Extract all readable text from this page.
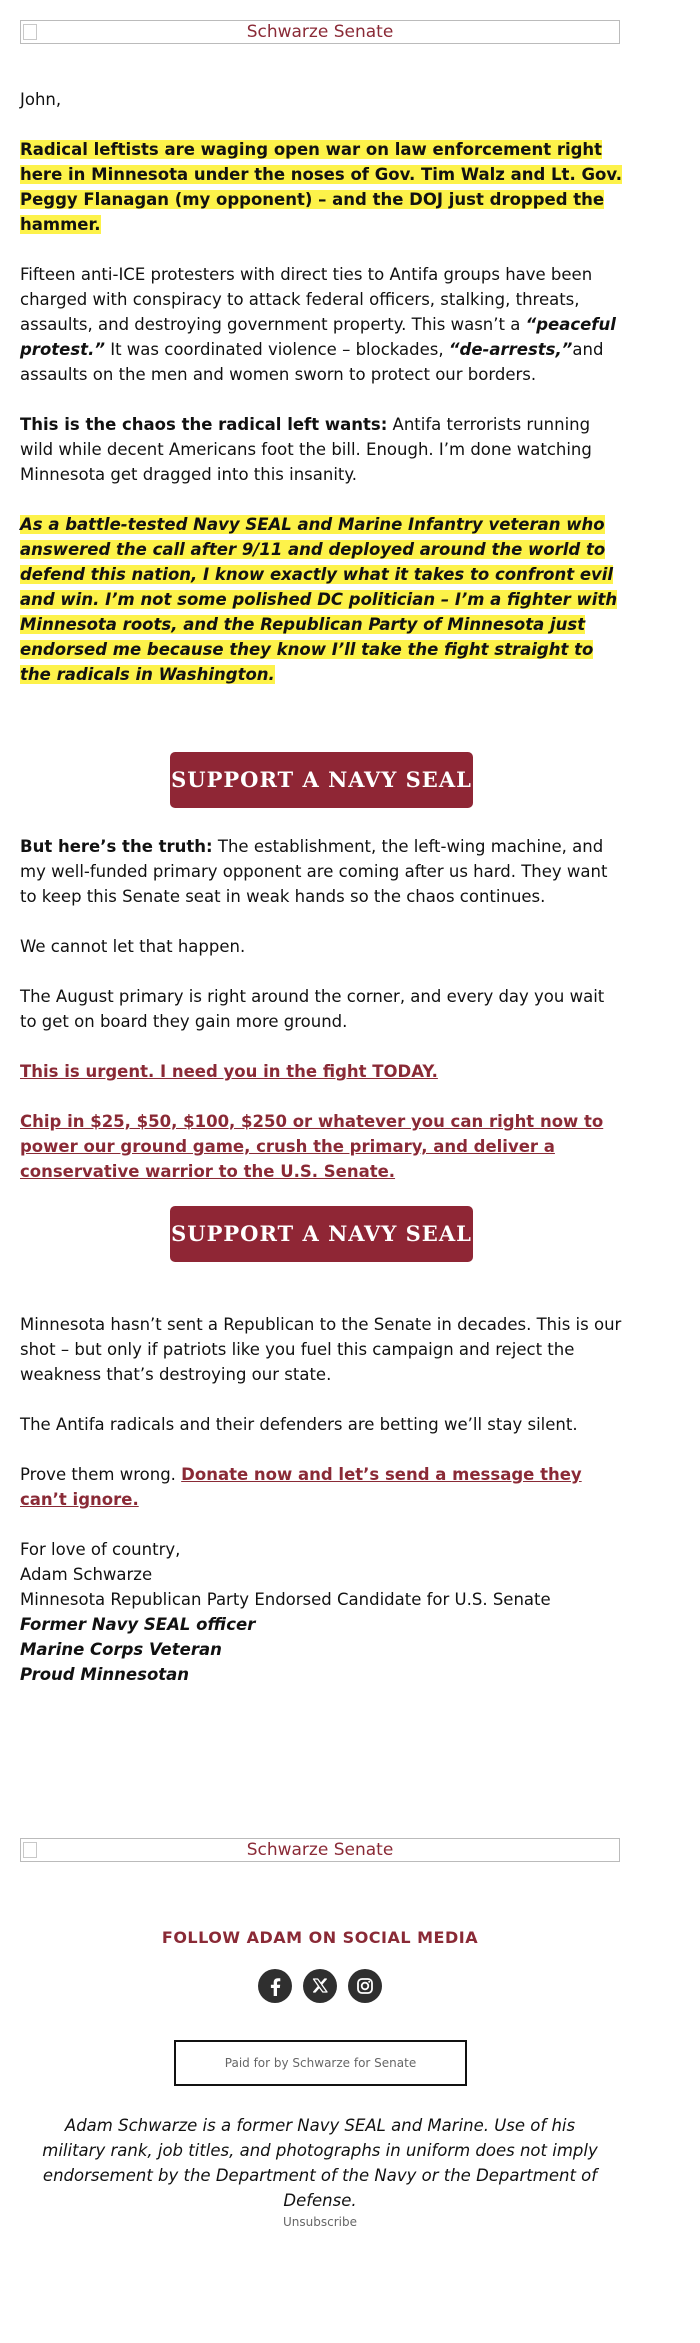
Schwarze Senate

John,

Radical leftists are waging open war on law enforcement right here in Minnesota under the noses of Gov. Tim Walz and Lt. Gov. Peggy Flanagan (my opponent) – and the DOJ just dropped the hammer.

Fifteen anti-ICE protesters with direct ties to Antifa groups have been charged with conspiracy to attack federal officers, stalking, threats, assaults, and destroying government property. This wasn’t a “peaceful protest.” It was coordinated violence – blockades, “de-arrests,”and assaults on the men and women sworn to protect our borders.

This is the chaos the radical left wants: Antifa terrorists running wild while decent Americans foot the bill. Enough. I’m done watching Minnesota get dragged into this insanity.

As a battle-tested Navy SEAL and Marine Infantry veteran who answered the call after 9/11 and deployed around the world to defend this nation, I know exactly what it takes to confront evil and win. I’m not some polished DC politician – I’m a fighter with Minnesota roots, and the Republican Party of Minnesota just endorsed me because they know I’ll take the fight straight to the radicals in Washington.

SUPPORT A NAVY SEAL

But here’s the truth: The establishment, the left-wing machine, and my well-funded primary opponent are coming after us hard. They want to keep this Senate seat in weak hands so the chaos continues.

We cannot let that happen.

The August primary is right around the corner, and every day you wait to get on board they gain more ground.

This is urgent. I need you in the fight TODAY.

Chip in $25, $50, $100, $250 or whatever you can right now to power our ground game, crush the primary, and deliver a conservative warrior to the U.S. Senate.

SUPPORT A NAVY SEAL

Minnesota hasn’t sent a Republican to the Senate in decades. This is our shot – but only if patriots like you fuel this campaign and reject the weakness that’s destroying our state.

The Antifa radicals and their defenders are betting we’ll stay silent.

Prove them wrong. Donate now and let’s send a message they can’t ignore.

For love of country,
Adam Schwarze
Minnesota Republican Party Endorsed Candidate for U.S. Senate
Former Navy SEAL officer
Marine Corps Veteran
Proud Minnesotan
Schwarze Senate
FOLLOW ADAM ON SOCIAL MEDIA
Paid for by Schwarze for Senate
Adam Schwarze is a former Navy SEAL and Marine. Use of his military rank, job titles, and photographs in uniform does not imply endorsement by the Department of the Navy or the Department of Defense.
Unsubscribe
